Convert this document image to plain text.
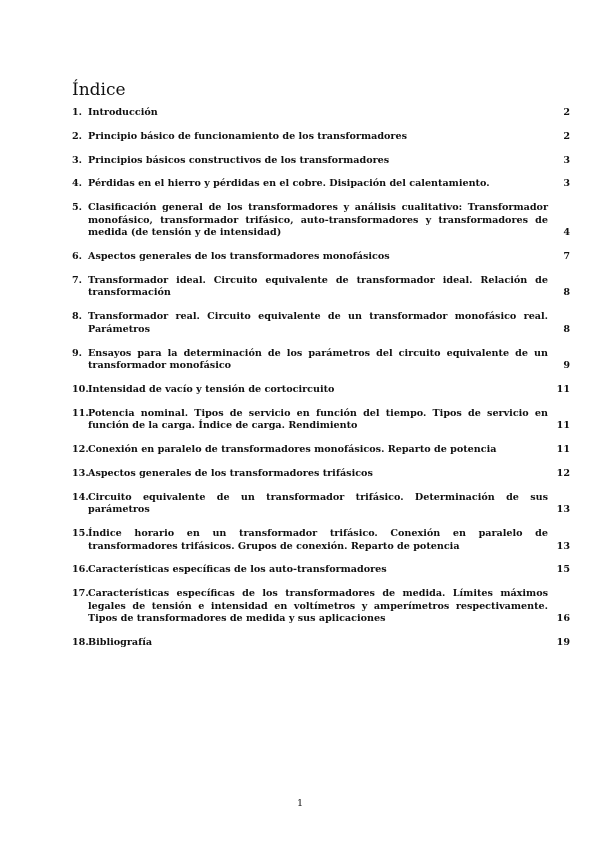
Índice
1. Introducción	2
2. Principio básico de funcionamiento de los transformadores	2
3. Principios básicos constructivos de los transformadores	3
4. Pérdidas en el hierro y pérdidas en el cobre. Disipación del calentamiento.	3
5. Clasificación general de los transformadores y análisis cualitativo: Transformador monofásico, transformador trifásico, auto-transformadores y transformadores de medida (de tensión y de intensidad)	4
6. Aspectos generales de los transformadores monofásicos	7
7. Transformador ideal. Circuito equivalente de transformador ideal. Relación de transformación	8
8. Transformador real. Circuito equivalente de un transformador monofásico real. Parámetros	8
9. Ensayos para la determinación de los parámetros del circuito equivalente de un transformador monofásico	9
10. Intensidad de vacío y tensión de cortocircuito	11
11. Potencia nominal. Tipos de servicio en función del tiempo. Tipos de servicio en función de la carga. Índice de carga. Rendimiento	11
12. Conexión en paralelo de transformadores monofásicos. Reparto de potencia	11
13. Aspectos generales de los transformadores trifásicos	12
14. Circuito equivalente de un transformador trifásico. Determinación de sus parámetros	13
15. Índice horario en un transformador trifásico. Conexión en paralelo de transformadores trifásicos. Grupos de conexión. Reparto de potencia	13
16. Características específicas de los auto-transformadores	15
17. Características específicas de los transformadores de medida. Límites máximos legales de tensión e intensidad en voltímetros y amperímetros respectivamente. Tipos de transformadores de medida y sus aplicaciones	16
18. Bibliografía	19
1
